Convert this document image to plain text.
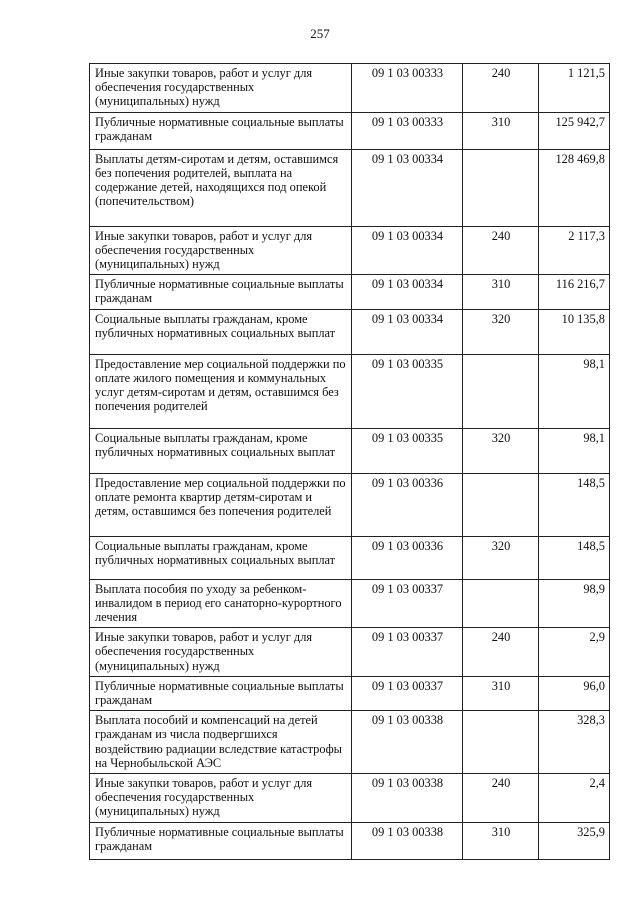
257
Иные закупки товаров, работ и услуг для обеспечения государственных (муниципальных) нужд	09 1 03 00333	240	1 121,5
Публичные нормативные социальные выплаты гражданам	09 1 03 00333	310	125 942,7
Выплаты детям-сиротам и детям, оставшимся без попечения родителей, выплата на содержание детей, находящихся под опекой (попечительством)	09 1 03 00334		128 469,8
Иные закупки товаров, работ и услуг для обеспечения государственных (муниципальных) нужд	09 1 03 00334	240	2 117,3
Публичные нормативные социальные выплаты гражданам	09 1 03 00334	310	116 216,7
Социальные выплаты гражданам, кроме публичных нормативных социальных выплат	09 1 03 00334	320	10 135,8
Предоставление мер социальной поддержки по оплате жилого помещения и коммунальных услуг детям-сиротам и детям, оставшимся без попечения родителей	09 1 03 00335		98,1
Социальные выплаты гражданам, кроме публичных нормативных социальных выплат	09 1 03 00335	320	98,1
Предоставление мер социальной поддержки по оплате ремонта квартир детям-сиротам и детям, оставшимся без попечения родителей	09 1 03 00336		148,5
Социальные выплаты гражданам, кроме публичных нормативных социальных выплат	09 1 03 00336	320	148,5
Выплата пособия по уходу за ребенком-инвалидом в период его санаторно-курортного лечения	09 1 03 00337		98,9
Иные закупки товаров, работ и услуг для обеспечения государственных (муниципальных) нужд	09 1 03 00337	240	2,9
Публичные нормативные социальные выплаты гражданам	09 1 03 00337	310	96,0
Выплата пособий и компенсаций на детей гражданам из числа подвергшихся воздействию радиации вследствие катастрофы на Чернобыльской АЭС	09 1 03 00338		328,3
Иные закупки товаров, работ и услуг для обеспечения государственных (муниципальных) нужд	09 1 03 00338	240	2,4
Публичные нормативные социальные выплаты гражданам	09 1 03 00338	310	325,9
